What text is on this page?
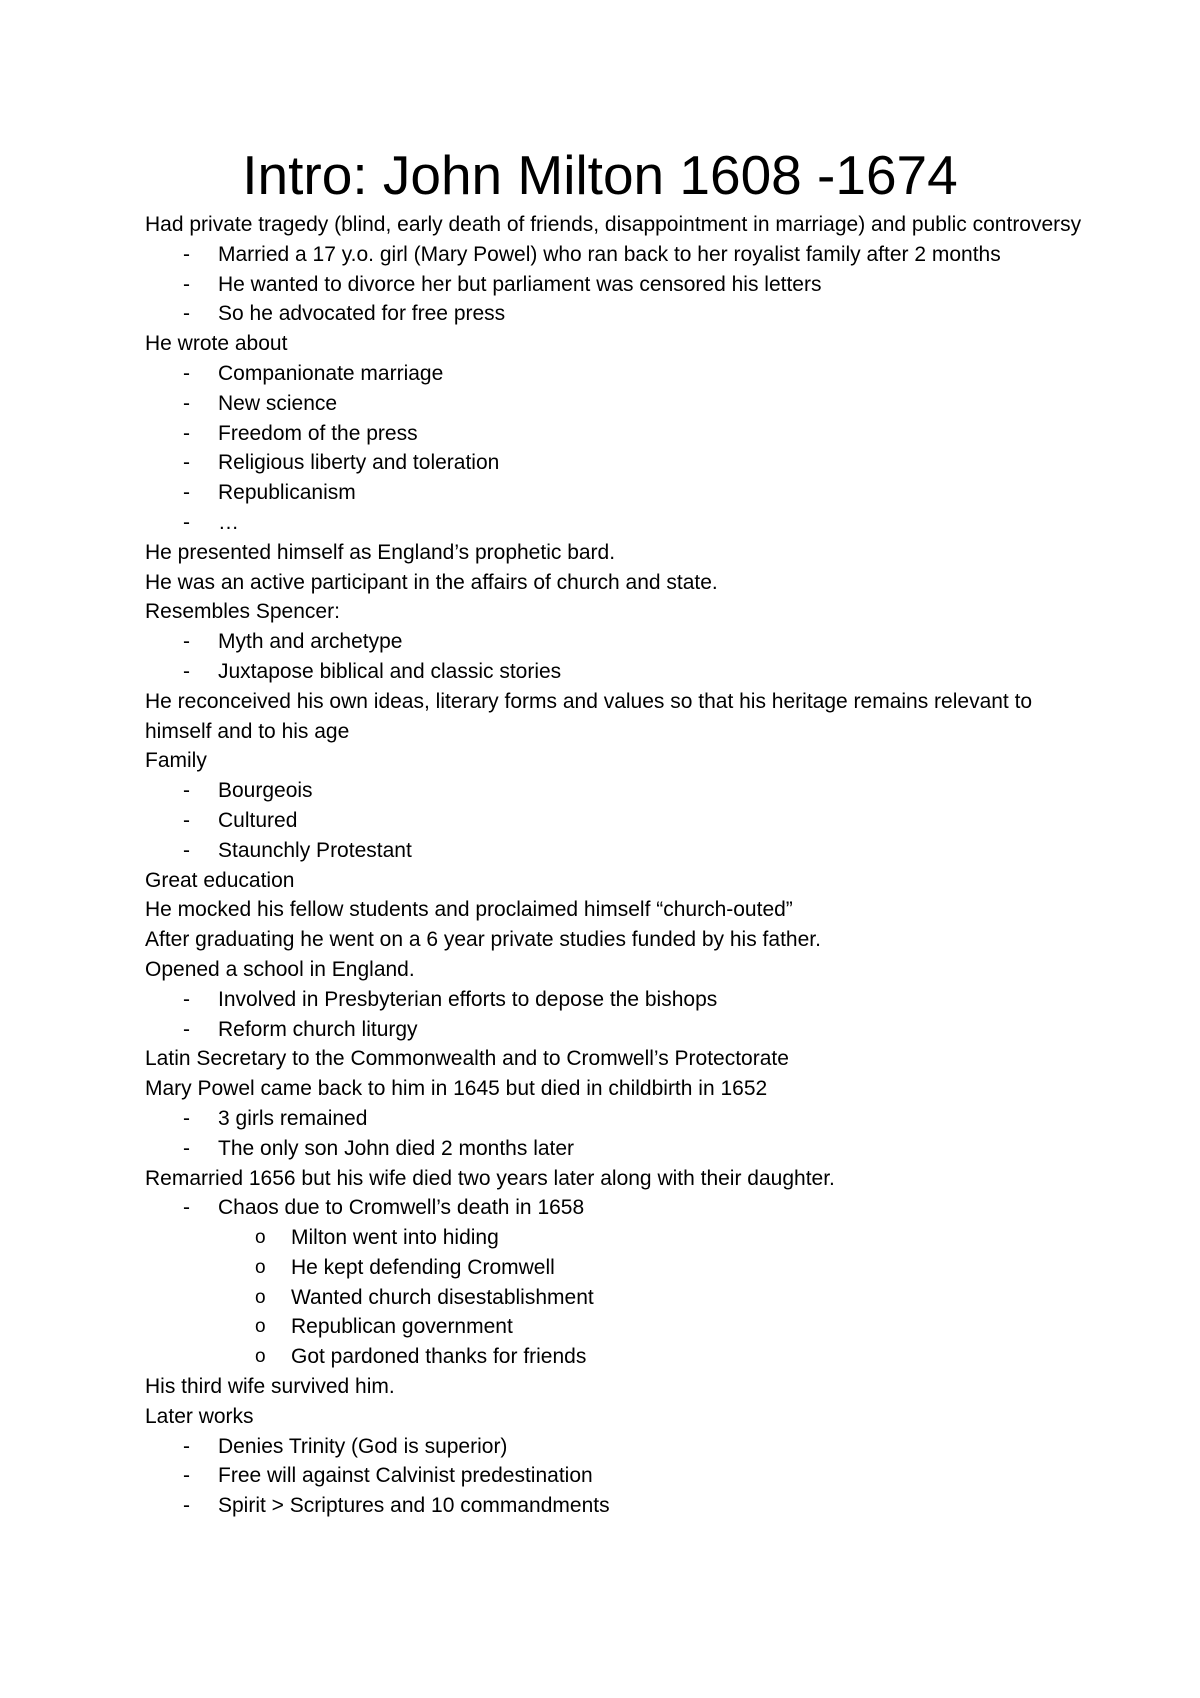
Intro: John Milton 1608 -1674
Had private tragedy (blind, early death of friends, disappointment in marriage) and public controversy
- Married a 17 y.o. girl (Mary Powel) who ran back to her royalist family after 2 months
- He wanted to divorce her but parliament was censored his letters
- So he advocated for free press
He wrote about
- Companionate marriage
- New science
- Freedom of the press
- Religious liberty and toleration
- Republicanism
- …
He presented himself as England’s prophetic bard.
He was an active participant in the affairs of church and state.
Resembles Spencer:
- Myth and archetype
- Juxtapose biblical and classic stories
He reconceived his own ideas, literary forms and values so that his heritage remains relevant to himself and to his age
Family
- Bourgeois
- Cultured
- Staunchly Protestant
Great education
He mocked his fellow students and proclaimed himself “church-outed”
After graduating he went on a 6 year private studies funded by his father.
Opened a school in England.
- Involved in Presbyterian efforts to depose the bishops
- Reform church liturgy
Latin Secretary to the Commonwealth and to Cromwell’s Protectorate
Mary Powel came back to him in 1645 but died in childbirth in 1652
- 3 girls remained
- The only son John died 2 months later
Remarried 1656 but his wife died two years later along with their daughter.
- Chaos due to Cromwell’s death in 1658
o Milton went into hiding
o He kept defending Cromwell
o Wanted church disestablishment
o Republican government
o Got pardoned thanks for friends
His third wife survived him.
Later works
- Denies Trinity (God is superior)
- Free will against Calvinist predestination
- Spirit > Scriptures and 10 commandments
